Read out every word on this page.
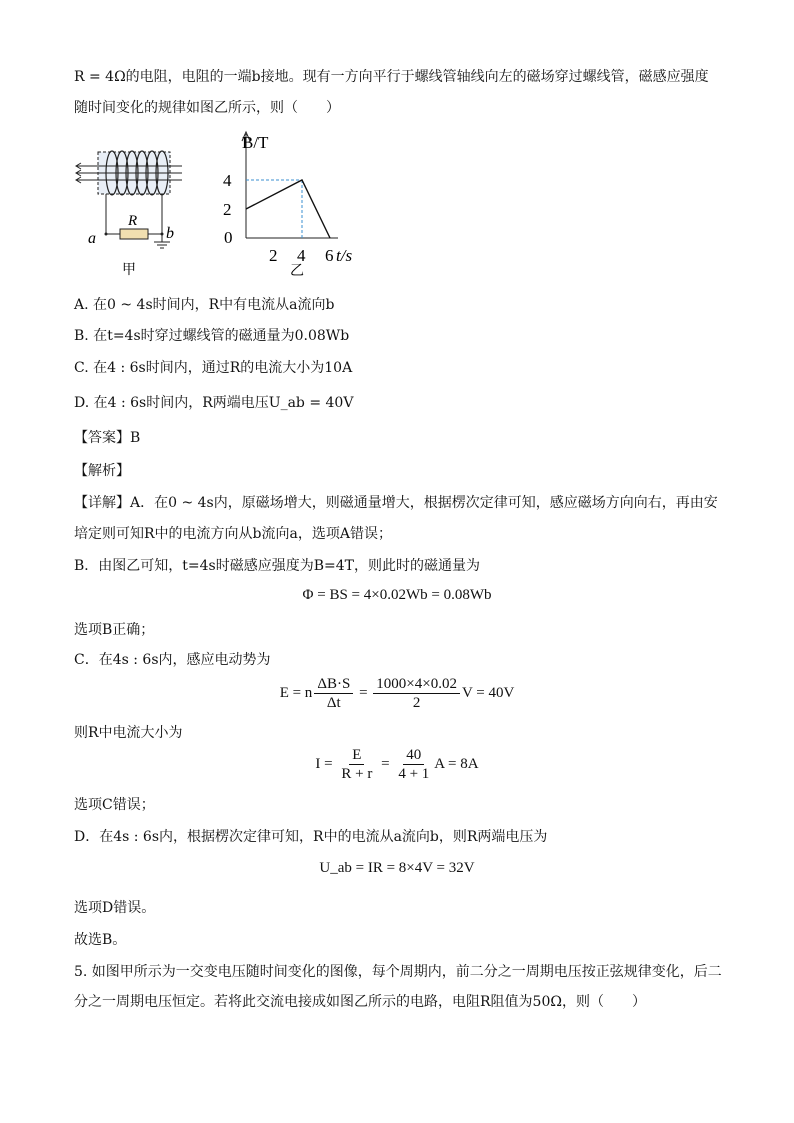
R = 4Ω的电阻，电阻的一端b接地。现有一方向平行于螺线管轴线向左的磁场穿过螺线管，磁感应强度
随时间变化的规律如图乙所示，则（　　）
R
a	b
甲
B/T
t/s
0
2
4
2 4 6
乙
A. 在0 ~ 4s时间内，R中有电流从a流向b
B. 在t=4s时穿过螺线管的磁通量为0.08Wb
C. 在4 : 6s时间内，通过R的电流大小为10A
D. 在4 : 6s时间内，R两端电压U_ab = 40V
【答案】B
【解析】
【详解】A．在0 ~ 4s内，原磁场增大，则磁通量增大，根据楞次定律可知，感应磁场方向向右，再由安
培定则可知R中的电流方向从b流向a，选项A错误；
B．由图乙可知，t=4s时磁感应强度为B=4T，则此时的磁通量为
Φ = BS = 4×0.02Wb = 0.08Wb
选项B正确；
C．在4s : 6s内，感应电动势为
E = n $\frac{\Delta B\cdot S}{\Delta t} = \frac{1000\times 4\times 0.02}{2}$ V = 40V
则R中电流大小为
$I = \frac{E}{R + r} = \frac{40}{4 + 1}$ A = 8A
选项C错误；
D．在4s : 6s内，根据楞次定律可知，R中的电流从a流向b，则R两端电压为
U_ab = IR = 8×4V = 32V
选项D错误。
故选B。
5. 如图甲所示为一交变电压随时间变化的图像，每个周期内，前二分之一周期电压按正弦规律变化，后二
分之一周期电压恒定。若将此交流电接成如图乙所示的电路，电阻R阻值为50Ω，则（　　）
